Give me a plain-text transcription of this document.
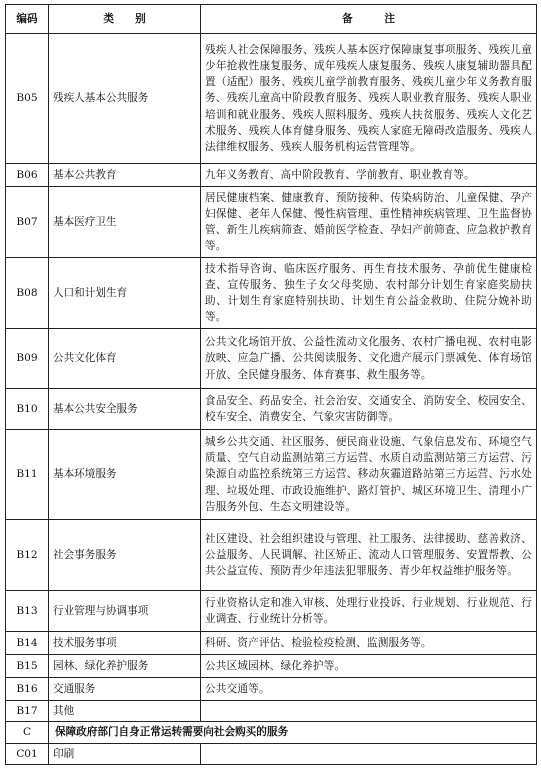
编码	类　　别	备　　　注
B05	残疾人基本公共服务	残疾人社会保障服务、残疾人基本医疗保障康复事项服务、残疾儿童少年抢救性康复服务、成年残疾人康复服务、残疾人康复辅助器具配置（适配）服务、残疾儿童学前教育服务、残疾儿童少年义务教育服务、残疾儿童高中阶段教育服务、残疾人职业教育服务、残疾人职业培训和就业服务、残疾人照料服务、残疾人扶贫服务、残疾人文化艺术服务、残疾人体育健身服务、残疾人家庭无障碍改造服务、残疾人法律维权服务、残疾人服务机构运营管理等。
B06	基本公共教育	九年义务教育、高中阶段教育、学前教育、职业教育等。
B07	基本医疗卫生	居民健康档案、健康教育、预防接种、传染病防治、儿童保健、孕产妇保健、老年人保健、慢性病管理、重性精神疾病管理、卫生监督协管、新生儿疾病筛查、婚前医学检查、孕妇产前筛查、应急救护教育等。
B08	人口和计划生育	技术指导咨询、临床医疗服务、再生育技术服务、孕前优生健康检查、宣传服务、独生子女父母奖励、农村部分计划生育家庭奖励扶助、计划生育家庭特别扶助、计划生育公益金救助、住院分娩补助等。
B09	公共文化体育	公共文化场馆开放、公益性流动文化服务、农村广播电视、农村电影放映、应急广播、公共阅读服务、文化遗产展示门票减免、体育场馆开放、全民健身服务、体育赛事、救生服务等。
B10	基本公共安全服务	食品安全、药品安全、社会治安、交通安全、消防安全、校园安全、校车安全、消费安全、气象灾害防御等。
B11	基本环境服务	城乡公共交通、社区服务、便民商业设施、气象信息发布、环境空气质量、空气自动监测站第三方运营、水质自动监测站第三方运营、污染源自动监控系统第三方运营、移动灰霾道路站第三方运营、污水处理、垃圾处理、市政设施维护、路灯管护、城区环境卫生、清理小广告服务外包、生态文明建设等。
B12	社会事务服务	社区建设、社会组织建设与管理、社工服务、法律援助、慈善救济、公益服务、人民调解、社区矫正、流动人口管理服务、安置帮教、公共公益宣传、预防青少年违法犯罪服务、青少年权益维护服务等。
B13	行业管理与协调事项	行业资格认定和准入审核、处理行业投诉、行业规划、行业规范、行业调查、行业统计分析等。
B14	技术服务事项	科研、资产评估、检验检疫检测、监测服务等。
B15	园林、绿化养护服务	公共区域园林、绿化养护等。
B16	交通服务	公共交通等。
B17	其他	
C	保障政府部门自身正常运转需要向社会购买的服务	
C01	印刷	
